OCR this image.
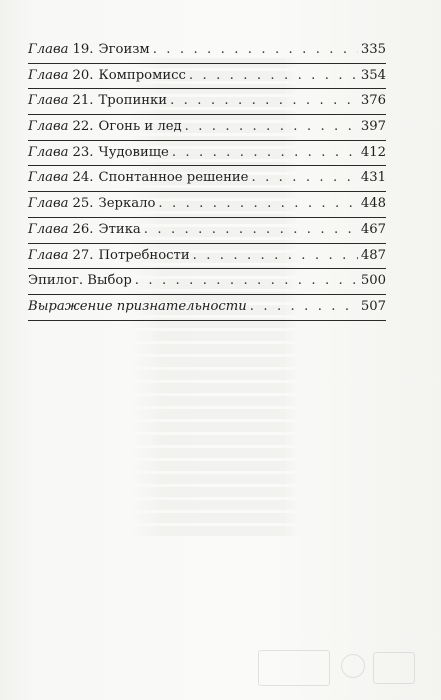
Глава 19. Эгоизм . . .	335
Глава 20. Компромисс . . .	354
Глава 21. Тропинки . . .	376
Глава 22. Огонь и лед . . .	397
Глава 23. Чудовище . . .	412
Глава 24. Спонтанное решение . . .	431
Глава 25. Зеркало . . .	448
Глава 26. Этика . . .	467
Глава 27. Потребности . . .	487
Эпилог. Выбор . . .	500
Выражение признательности . . .	507
